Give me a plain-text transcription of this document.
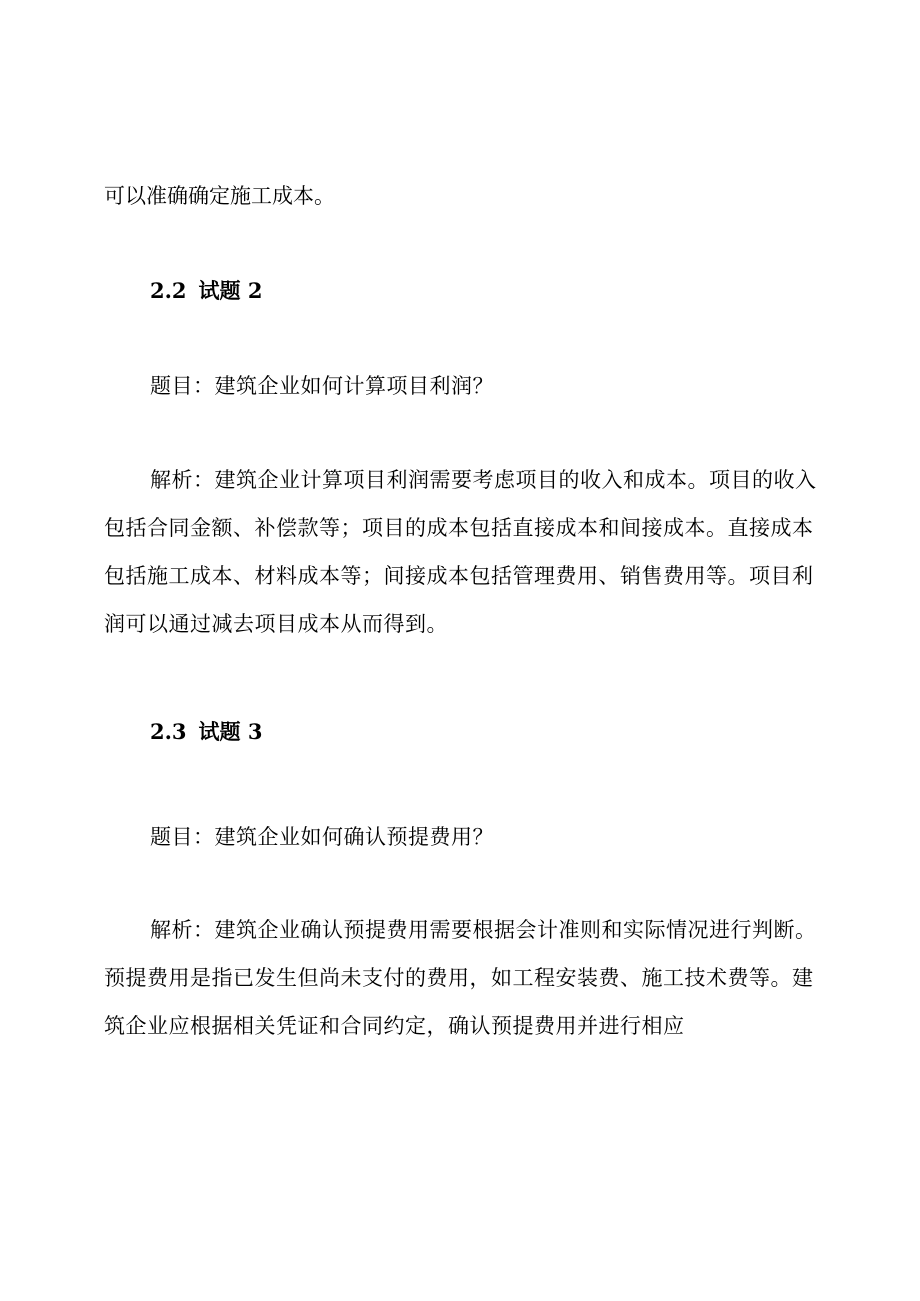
可以准确确定施工成本。
2.2 试题 2
题目：建筑企业如何计算项目利润？
解析：建筑企业计算项目利润需要考虑项目的收入和成本。项目的收入包括合同金额、补偿款等；项目的成本包括直接成本和间接成本。直接成本包括施工成本、材料成本等；间接成本包括管理费用、销售费用等。项目利润可以通过减去项目成本从而得到。
2.3 试题 3
题目：建筑企业如何确认预提费用？
解析：建筑企业确认预提费用需要根据会计准则和实际情况进行判断。预提费用是指已发生但尚未支付的费用，如工程安装费、施工技术费等。建筑企业应根据相关凭证和合同约定，确认预提费用并进行相应
